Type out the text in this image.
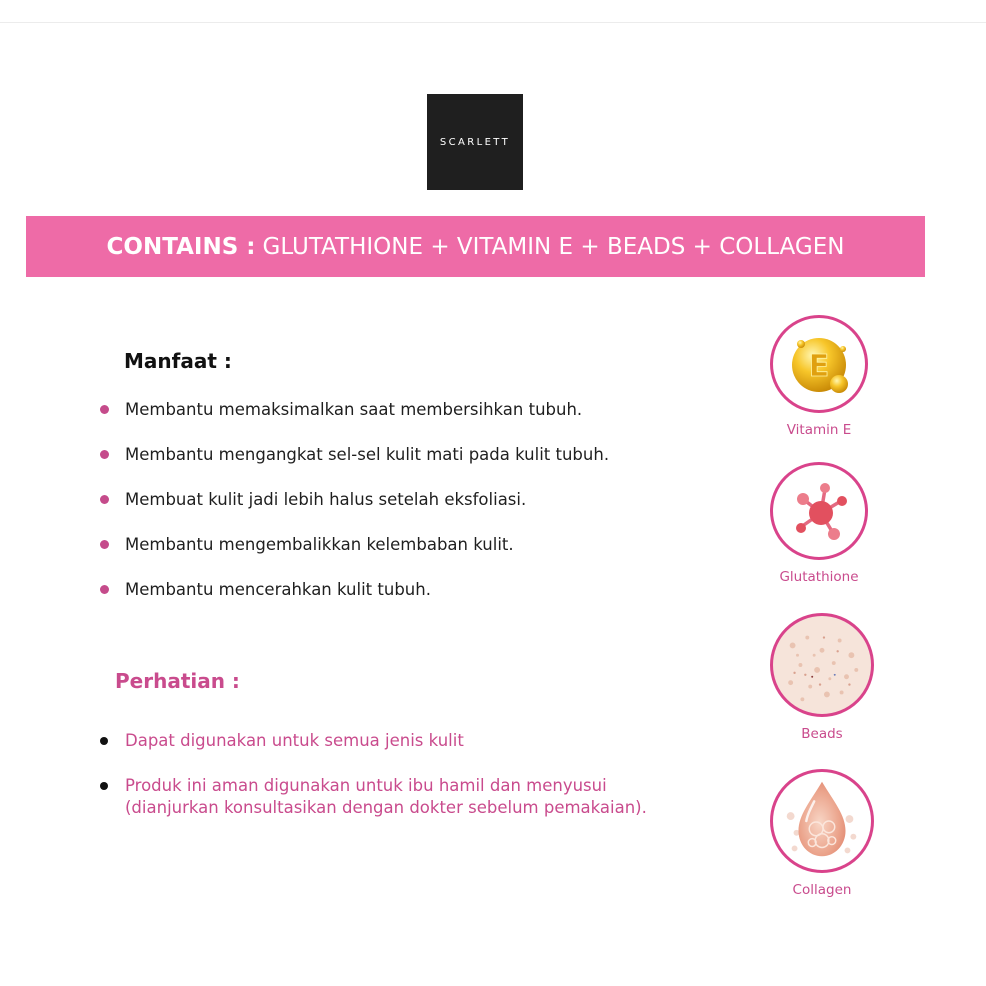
SCARLETT
CONTAINS : GLUTATHIONE + VITAMIN E + BEADS + COLLAGEN
Manfaat :
Membantu memaksimalkan saat membersihkan tubuh.
Membantu mengangkat sel-sel kulit mati pada kulit tubuh.
Membuat kulit jadi lebih halus setelah eksfoliasi.
Membantu mengembalikkan kelembaban kulit.
Membantu mencerahkan kulit tubuh.
Perhatian :
Dapat digunakan untuk semua jenis kulit
Produk ini aman digunakan untuk ibu hamil dan menyusui
(dianjurkan konsultasikan dengan dokter sebelum pemakaian).
E
Vitamin E
Glutathione
Beads
Collagen
